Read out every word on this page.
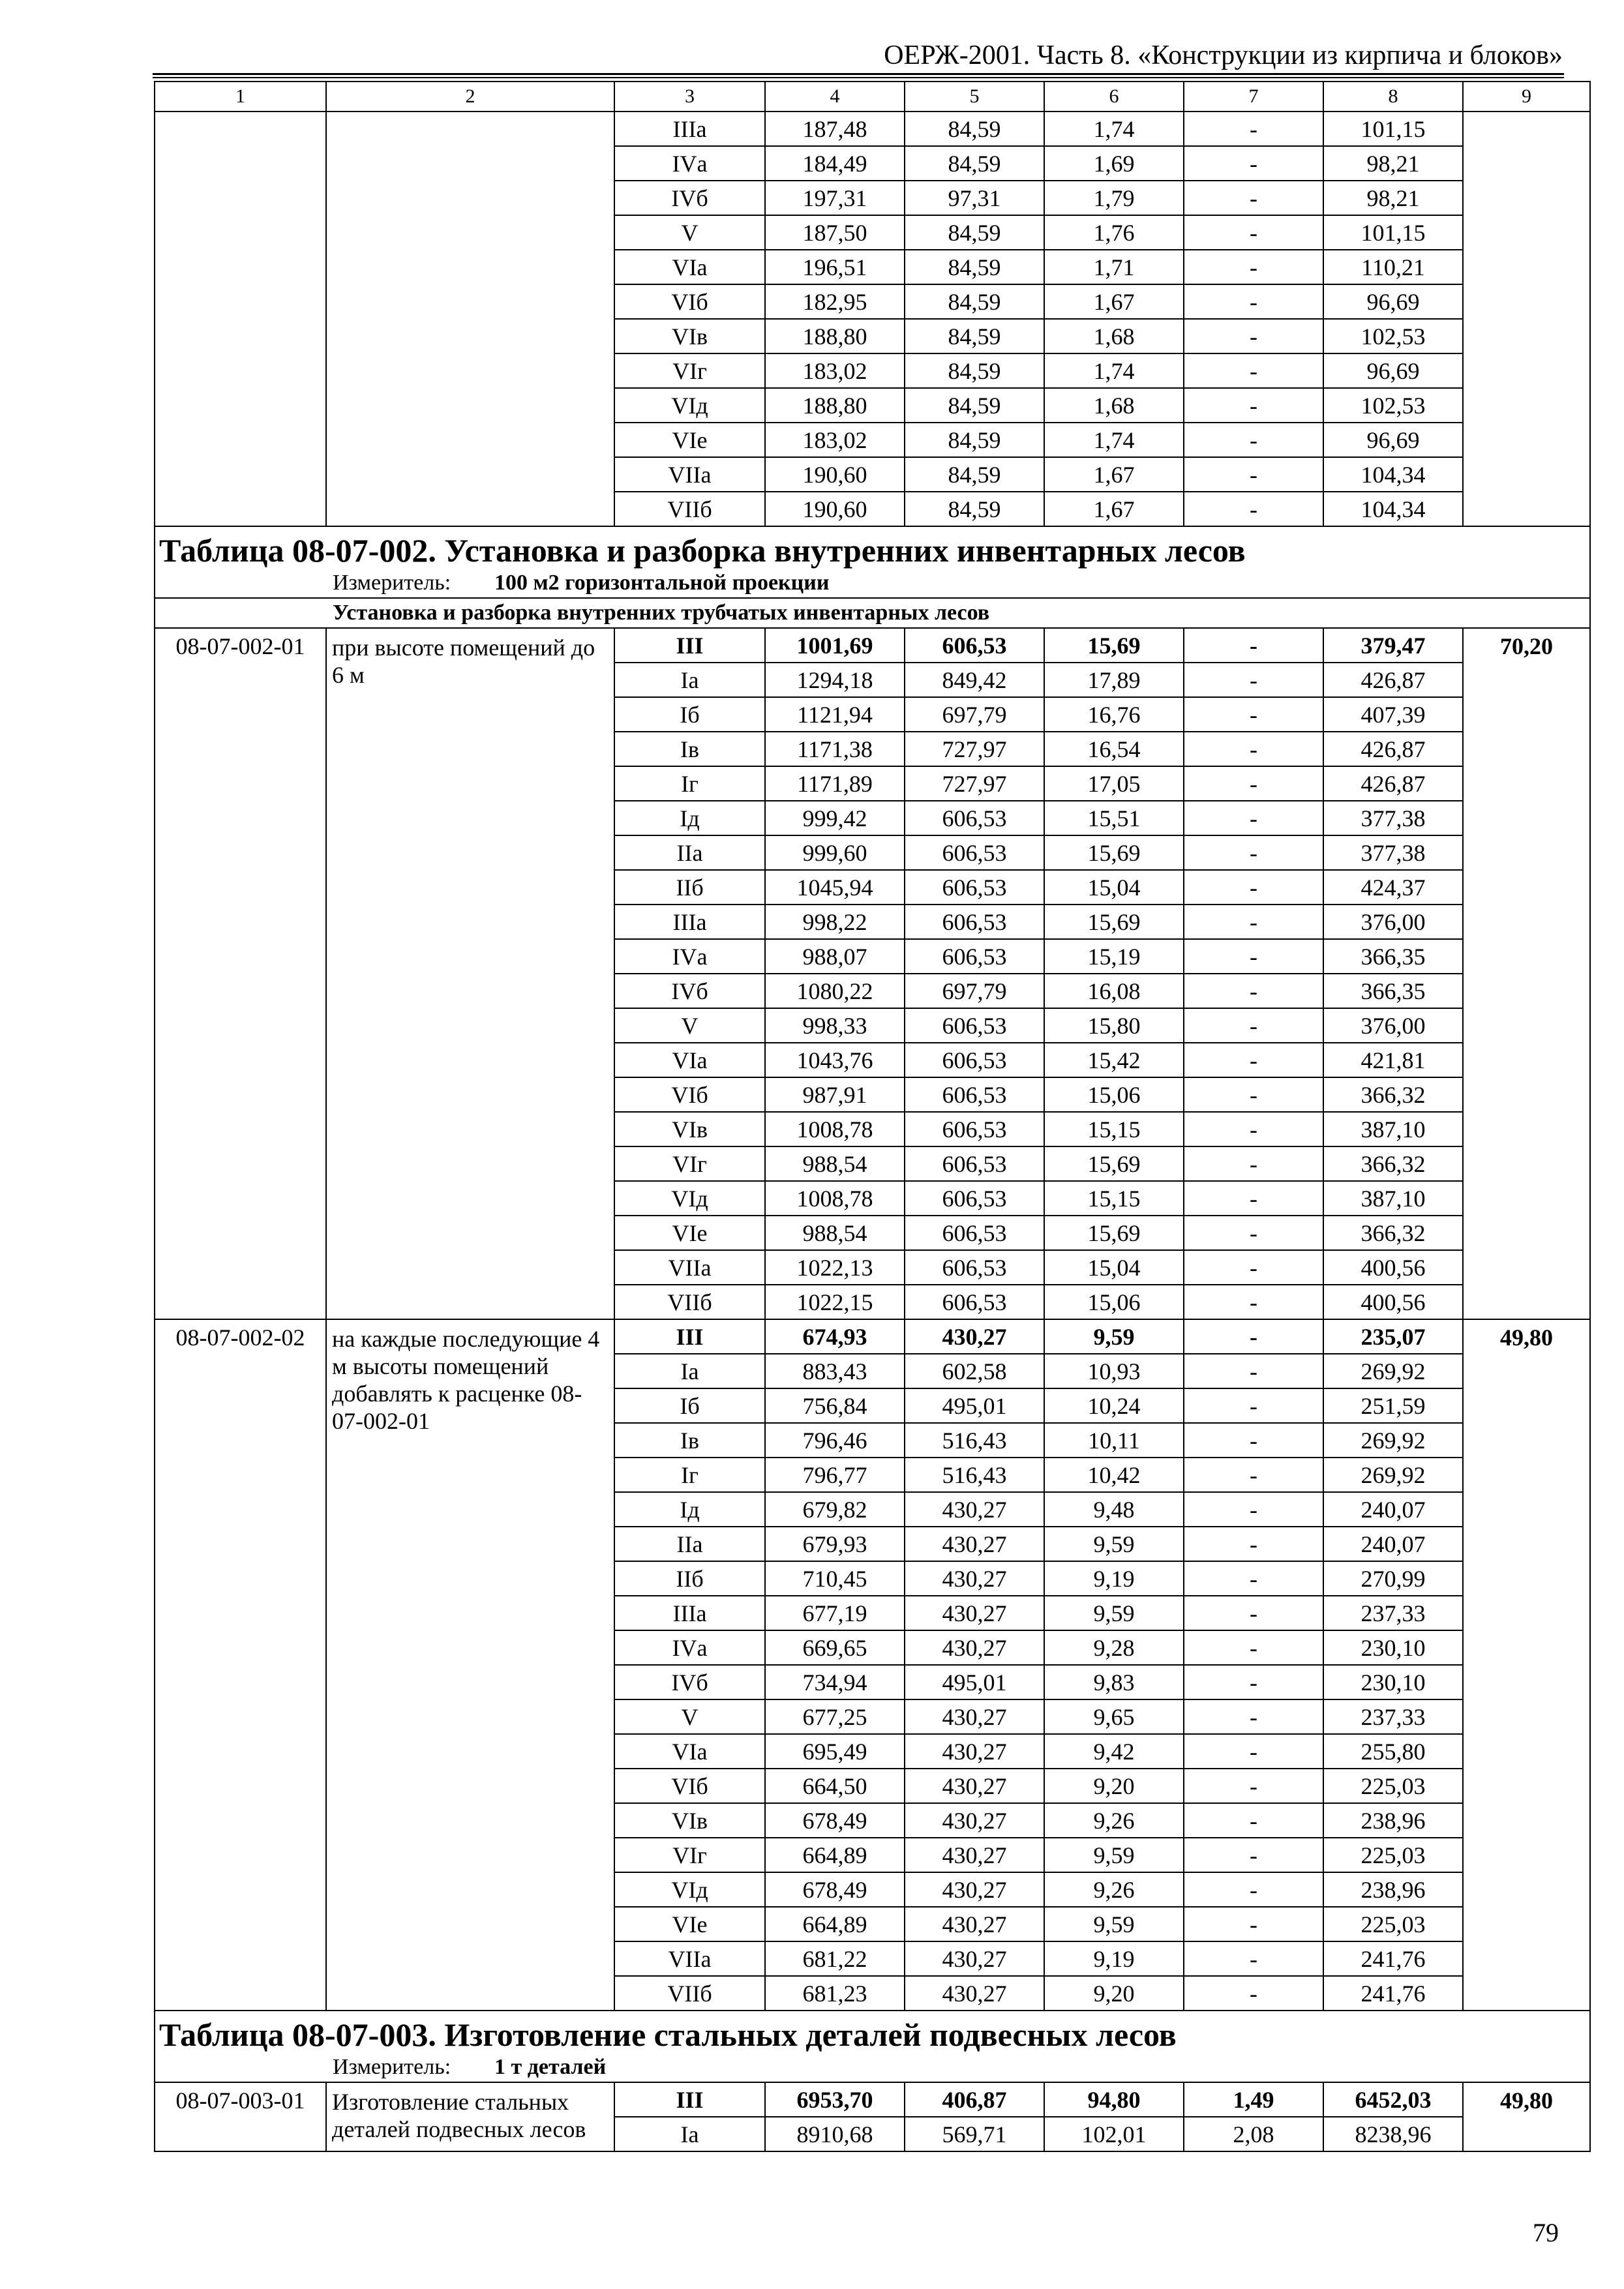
ОЕРЖ-2001. Часть 8. «Конструкции из кирпича и блоков»
1	2	3	4	5	6	7	8	9
		IIIа	187,48	84,59	1,74	-	101,15	
		IVа	184,49	84,59	1,69	-	98,21	
		IVб	197,31	97,31	1,79	-	98,21	
		V	187,50	84,59	1,76	-	101,15	
		VIа	196,51	84,59	1,71	-	110,21	
		VIб	182,95	84,59	1,67	-	96,69	
		VIв	188,80	84,59	1,68	-	102,53	
		VIг	183,02	84,59	1,74	-	96,69	
		VIд	188,80	84,59	1,68	-	102,53	
		VIе	183,02	84,59	1,74	-	96,69	
		VIIа	190,60	84,59	1,67	-	104,34	
		VIIб	190,60	84,59	1,67	-	104,34	
Таблица 08-07-002. Установка и разборка внутренних инвентарных лесов								
Измеритель: 100 м2 горизонтальной проекции								
Установка и разборка внутренних трубчатых инвентарных лесов								
08-07-002-01	при высоте помещений до 6 м	III	1001,69	606,53	15,69	-	379,47	70,20
		Iа	1294,18	849,42	17,89	-	426,87	
		Iб	1121,94	697,79	16,76	-	407,39	
		Iв	1171,38	727,97	16,54	-	426,87	
		Iг	1171,89	727,97	17,05	-	426,87	
		Iд	999,42	606,53	15,51	-	377,38	
		IIа	999,60	606,53	15,69	-	377,38	
		IIб	1045,94	606,53	15,04	-	424,37	
		IIIа	998,22	606,53	15,69	-	376,00	
		IVа	988,07	606,53	15,19	-	366,35	
		IVб	1080,22	697,79	16,08	-	366,35	
		V	998,33	606,53	15,80	-	376,00	
		VIа	1043,76	606,53	15,42	-	421,81	
		VIб	987,91	606,53	15,06	-	366,32	
		VIв	1008,78	606,53	15,15	-	387,10	
		VIг	988,54	606,53	15,69	-	366,32	
		VIд	1008,78	606,53	15,15	-	387,10	
		VIе	988,54	606,53	15,69	-	366,32	
		VIIа	1022,13	606,53	15,04	-	400,56	
		VIIб	1022,15	606,53	15,06	-	400,56	
08-07-002-02	на каждые последующие 4 м высоты помещений добавлять к расценке 08-07-002-01	III	674,93	430,27	9,59	-	235,07	49,80
		Iа	883,43	602,58	10,93	-	269,92	
		Iб	756,84	495,01	10,24	-	251,59	
		Iв	796,46	516,43	10,11	-	269,92	
		Iг	796,77	516,43	10,42	-	269,92	
		Iд	679,82	430,27	9,48	-	240,07	
		IIа	679,93	430,27	9,59	-	240,07	
		IIб	710,45	430,27	9,19	-	270,99	
		IIIа	677,19	430,27	9,59	-	237,33	
		IVа	669,65	430,27	9,28	-	230,10	
		IVб	734,94	495,01	9,83	-	230,10	
		V	677,25	430,27	9,65	-	237,33	
		VIа	695,49	430,27	9,42	-	255,80	
		VIб	664,50	430,27	9,20	-	225,03	
		VIв	678,49	430,27	9,26	-	238,96	
		VIг	664,89	430,27	9,59	-	225,03	
		VIд	678,49	430,27	9,26	-	238,96	
		VIе	664,89	430,27	9,59	-	225,03	
		VIIа	681,22	430,27	9,19	-	241,76	
		VIIб	681,23	430,27	9,20	-	241,76	
Таблица 08-07-003. Изготовление стальных деталей подвесных лесов								
Измеритель: 1 т деталей								
08-07-003-01	Изготовление стальных деталей подвесных лесов	III	6953,70	406,87	94,80	1,49	6452,03	49,80
		Iа	8910,68	569,71	102,01	2,08	8238,96	
79
